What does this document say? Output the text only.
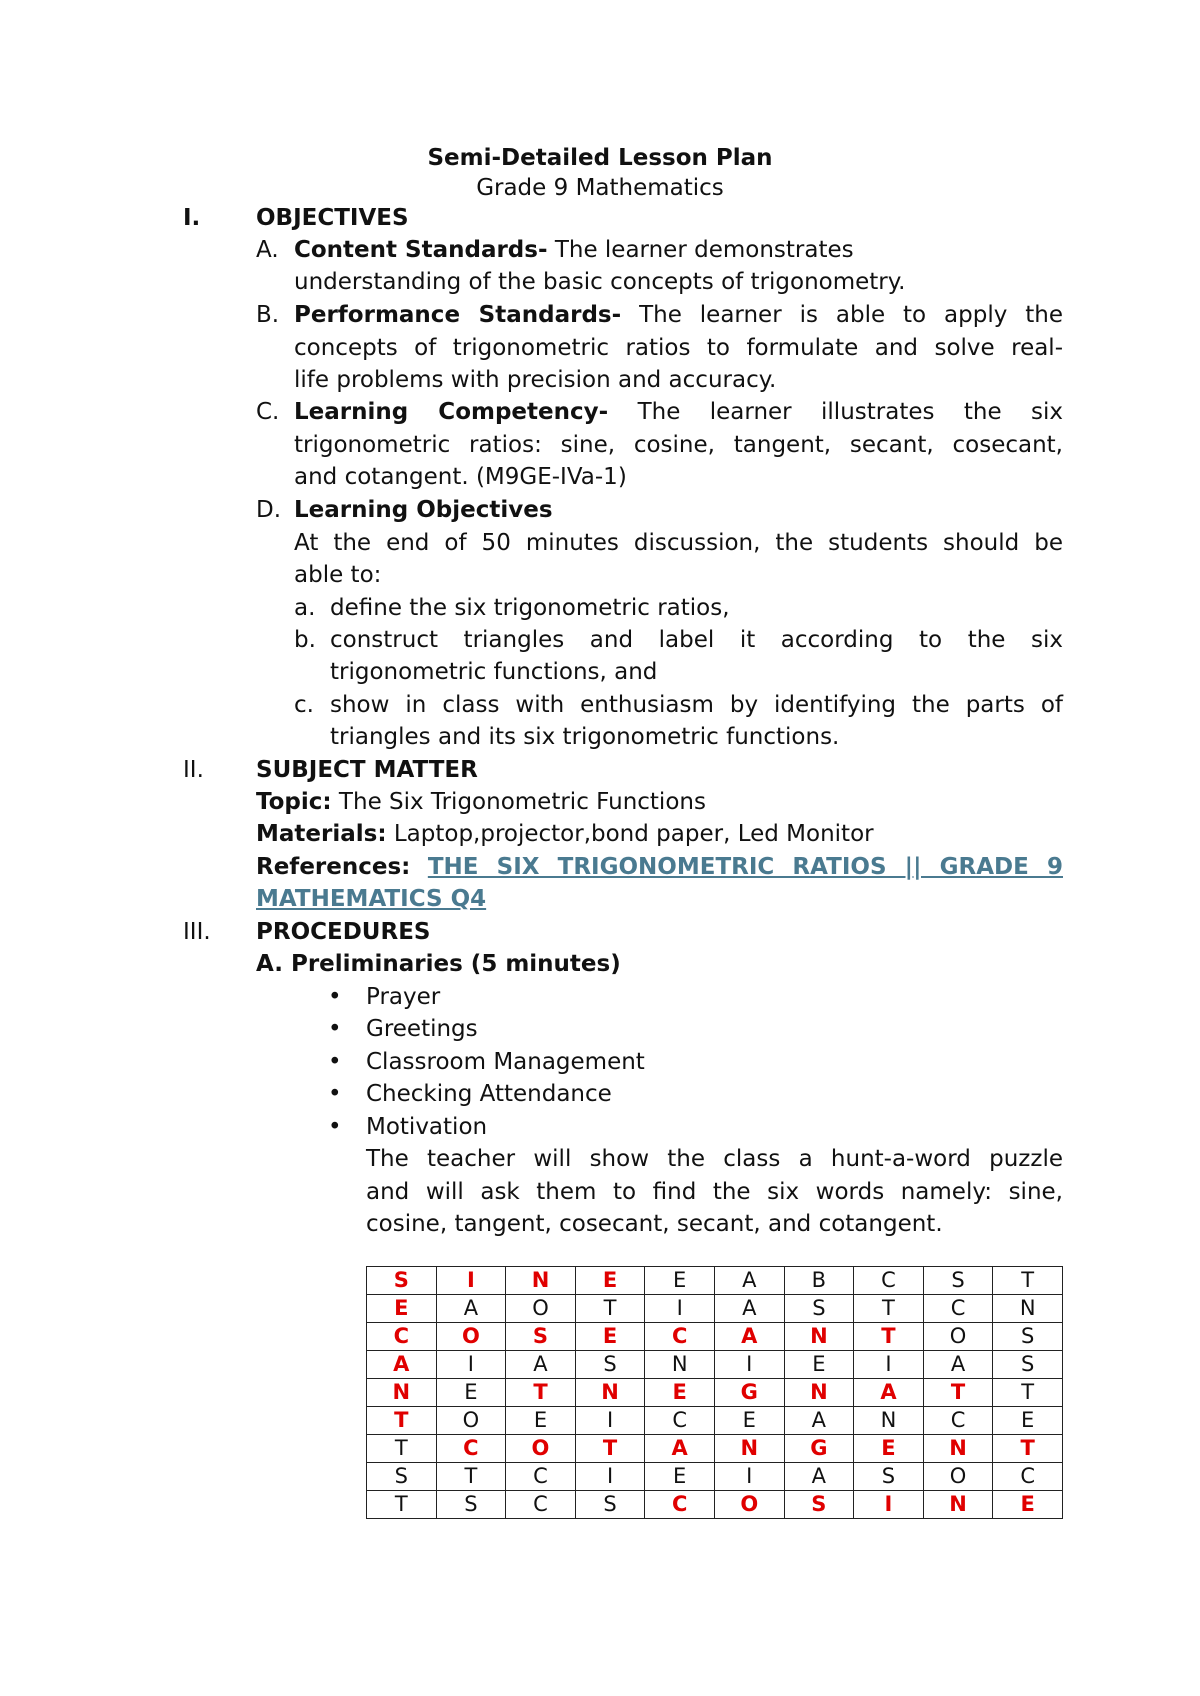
Semi-Detailed Lesson Plan
Grade 9 Mathematics
I. OBJECTIVES
A. Content Standards- The learner demonstrates
understanding of the basic concepts of trigonometry.
B. Performance Standards- The learner is able to apply the
concepts of trigonometric ratios to formulate and solve real-
life problems with precision and accuracy.
C. Learning Competency- The learner illustrates the six
trigonometric ratios: sine, cosine, tangent, secant, cosecant,
and cotangent. (M9GE-IVa-1)
D. Learning Objectives
At the end of 50 minutes discussion, the students should be
able to:
a. define the six trigonometric ratios,
b. construct triangles and label it according to the six
trigonometric functions, and
c. show in class with enthusiasm by identifying the parts of
triangles and its six trigonometric functions.
II. SUBJECT MATTER
Topic: The Six Trigonometric Functions
Materials: Laptop,projector,bond paper, Led Monitor
References: THE SIX TRIGONOMETRIC RATIOS || GRADE 9
MATHEMATICS Q4
III. PROCEDURES
A. Preliminaries (5 minutes)
• Prayer
• Greetings
• Classroom Management
• Checking Attendance
• Motivation
The teacher will show the class a hunt-a-word puzzle
and will ask them to find the six words namely: sine,
cosine, tangent, cosecant, secant, and cotangent.
S	I	N	E	E	A	B	C	S	T
E	A	O	T	I	A	S	T	C	N
C	O	S	E	C	A	N	T	O	S
A	I	A	S	N	I	E	I	A	S
N	E	T	N	E	G	N	A	T	T
T	O	E	I	C	E	A	N	C	E
T	C	O	T	A	N	G	E	N	T
S	T	C	I	E	I	A	S	O	C
T	S	C	S	C	O	S	I	N	E
